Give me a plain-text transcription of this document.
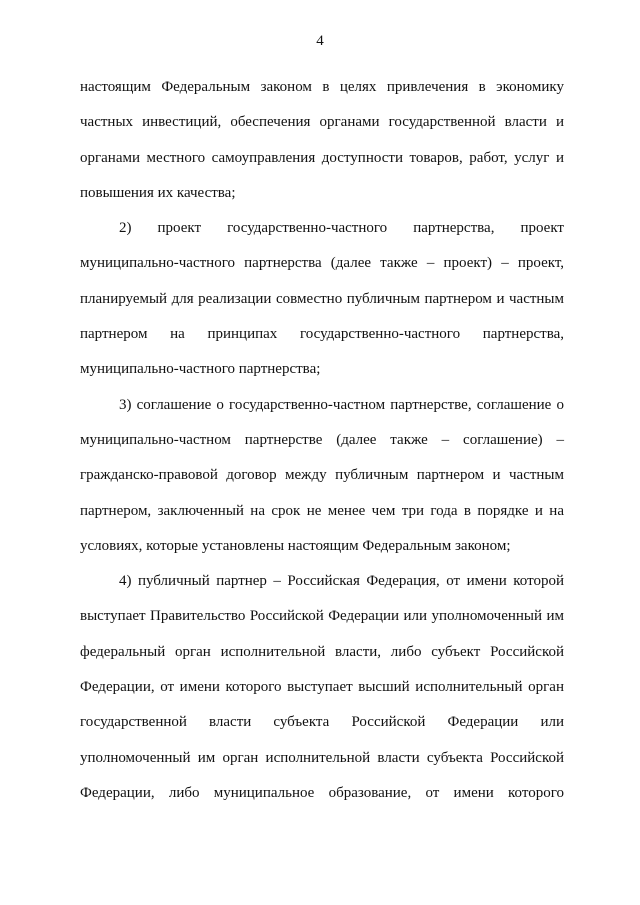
4

настоящим Федеральным законом в целях привлечения в экономику частных инвестиций, обеспечения органами государственной власти и органами местного самоуправления доступности товаров, работ, услуг и повышения их качества;

2) проект государственно-частного партнерства, проект муниципально-частного партнерства (далее также – проект) – проект, планируемый для реализации совместно публичным партнером и частным партнером на принципах государственно-частного партнерства, муниципально-частного партнерства;

3) соглашение о государственно-частном партнерстве, соглашение о муниципально-частном партнерстве (далее также – соглашение) – гражданско-правовой договор между публичным партнером и частным партнером, заключенный на срок не менее чем три года в порядке и на условиях, которые установлены настоящим Федеральным законом;

4) публичный партнер – Российская Федерация, от имени которой выступает Правительство Российской Федерации или уполномоченный им федеральный орган исполнительной власти, либо субъект Российской Федерации, от имени которого выступает высший исполнительный орган государственной власти субъекта Российской Федерации или уполномоченный им орган исполнительной власти субъекта Российской Федерации, либо муниципальное образование, от имени которого
